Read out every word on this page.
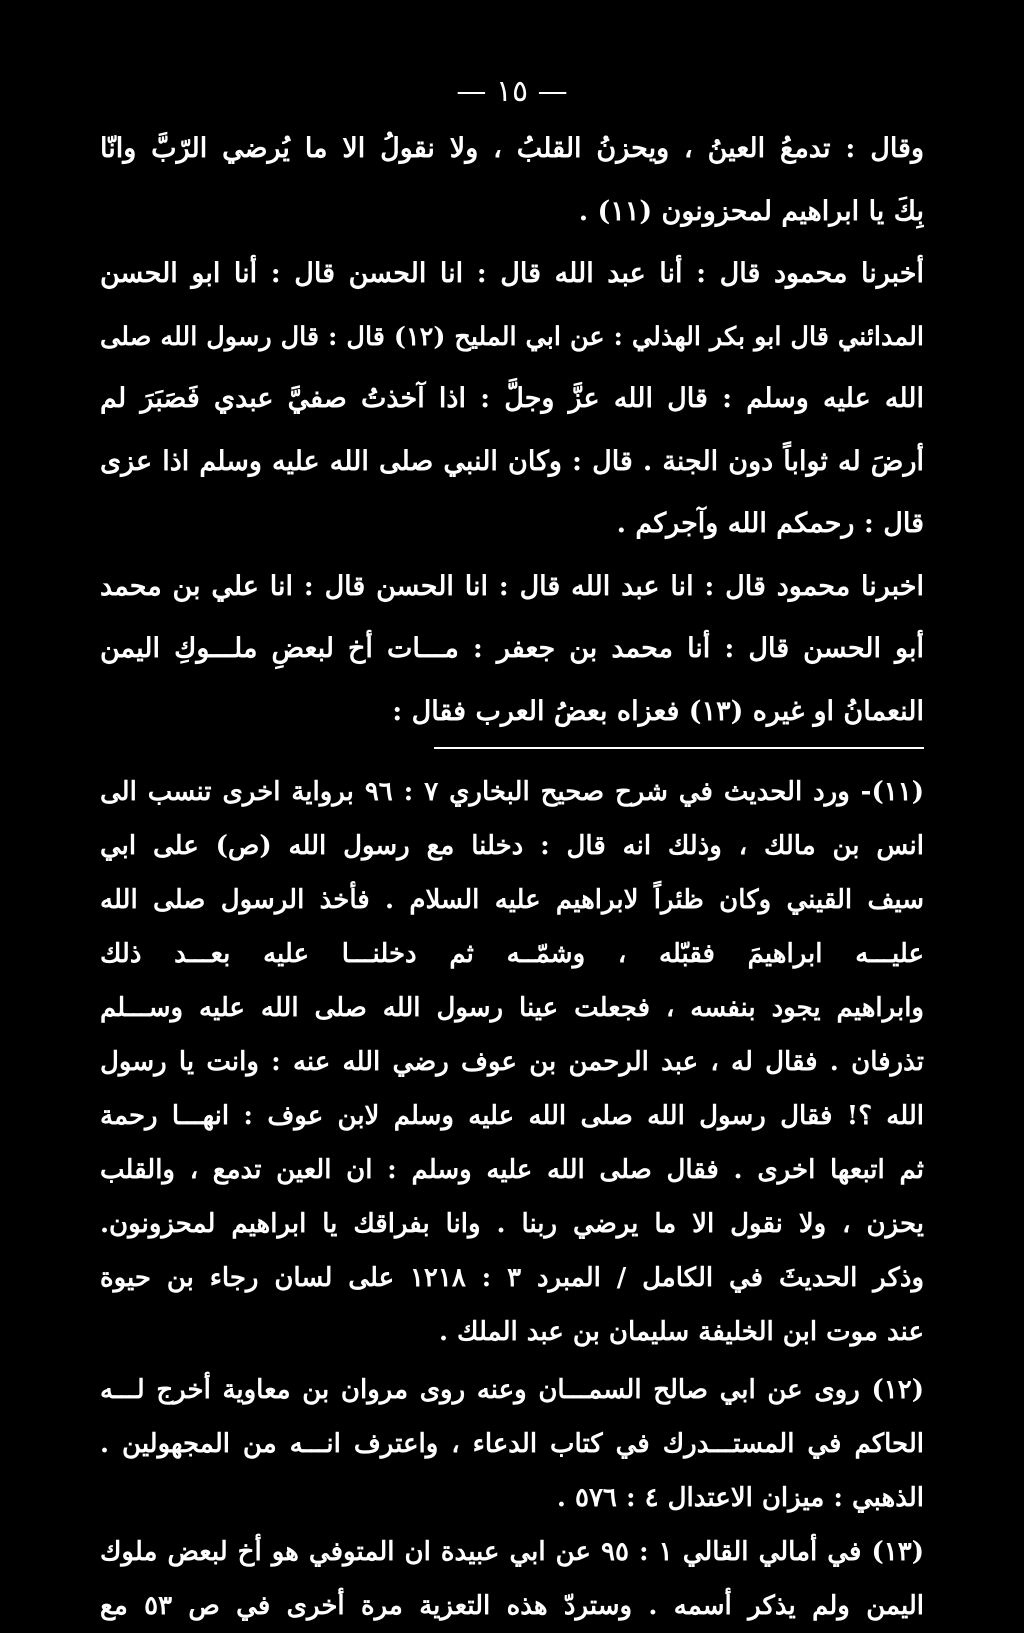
— ١٥ —
وقال : تدمعُ العينُ ، ويحزنُ القلبُ ، ولا نقولُ الا ما يُرضي الرّبَّ وانّا
بِكَ يا ابراهيم لمحزونون (١١) .
أخبرنا محمود قال : أنا عبد الله قال : انا الحسن قال : أنا ابو الحسن
المدائني قال ابو بكر الهذلي : عن ابي المليح (١٢) قال : قال رسول الله صلى
الله عليه وسلم : قال الله عزَّ وجلَّ : اذا آخذتُ صفيَّ عبدي فَصَبَرَ لم
أرضَ له ثواباً دون الجنة . قال : وكان النبي صلى الله عليه وسلم اذا عزى
قال : رحمكم الله وآجركم .
اخبرنا محمود قال : انا عبد الله قال : انا الحسن قال : انا علي بن محمد
أبو الحسن قال : أنا محمد بن جعفر : مـــات أخ لبعضِ ملـــوكِ اليمن
النعمانُ او غيره (١٣) فعزاه بعضُ العرب فقال :
(١١)- ورد الحديث في شرح صحيح البخاري ٧ : ٩٦ برواية اخرى تنسب الى
انس بن مالك ، وذلك انه قال : دخلنا مع رسول الله (ص) على ابي
سيف القيني وكان ظئراً لابراهيم عليه السلام . فأخذ الرسول صلى الله
عليـــه ابراهيمَ فقبّله ، وشمّــه ثم دخلنـــا عليه بعـــد ذلك
وابراهيم يجود بنفسه ، فجعلت عينا رسول الله صلى الله عليه وســـلم
تذرفان . فقال له ، عبد الرحمن بن عوف رضي الله عنه : وانت يا رسول
الله ؟! فقال رسول الله صلى الله عليه وسلم لابن عوف : انهـــا رحمة
ثم اتبعها اخرى . فقال صلى الله عليه وسلم : ان العين تدمع ، والقلب
يحزن ، ولا نقول الا ما يرضي ربنا . وانا بفراقك يا ابراهيم لمحزونون.
وذكر الحديثَ في الكامل / المبرد ٣ : ١٢١٨ على لسان رجاء بن حيوة
عند موت ابن الخليفة سليمان بن عبد الملك .
(١٢) روى عن ابي صالح السمـــان وعنه روى مروان بن معاوية أخرج لـــه
الحاكم في المستـــدرك في كتاب الدعاء ، واعترف انـــه من المجهولين .
الذهبي : ميزان الاعتدال ٤ : ٥٧٦ .
(١٣) في أمالي القالي ١ : ٩٥ عن ابي عبيدة ان المتوفي هو أخ لبعض ملوك
اليمن ولم يذكر أسمه . وستردّ هذه التعزية مرة أخرى في ص ٥٣ مع
